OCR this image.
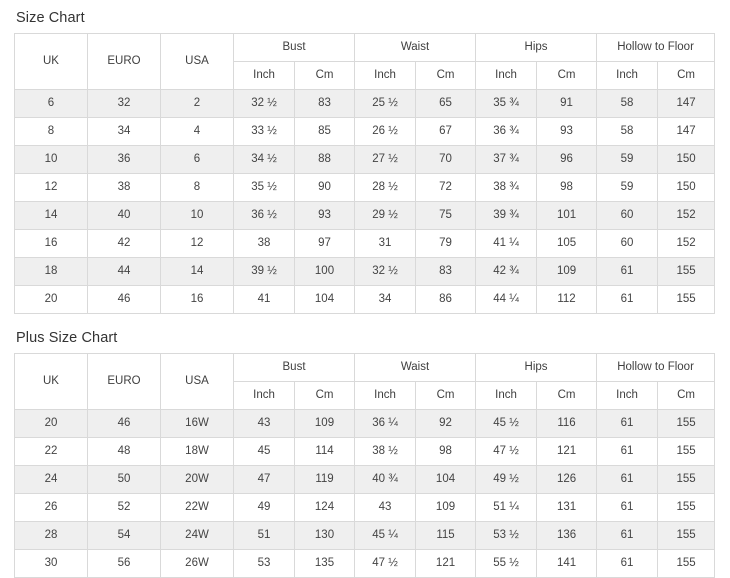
Size Chart
UK	EURO	USA	Bust		Waist		Hips		Hollow to Floor	
			Inch	Cm	Inch	Cm	Inch	Cm	Inch	Cm
6	32	2	32 ½	83	25 ½	65	35 ¾	91	58	147
8	34	4	33 ½	85	26 ½	67	36 ¾	93	58	147
10	36	6	34 ½	88	27 ½	70	37 ¾	96	59	150
12	38	8	35 ½	90	28 ½	72	38 ¾	98	59	150
14	40	10	36 ½	93	29 ½	75	39 ¾	101	60	152
16	42	12	38	97	31	79	41 ¼	105	60	152
18	44	14	39 ½	100	32 ½	83	42 ¾	109	61	155
20	46	16	41	104	34	86	44 ¼	112	61	155
Plus Size Chart
UK	EURO	USA	Bust		Waist		Hips		Hollow to Floor	
			Inch	Cm	Inch	Cm	Inch	Cm	Inch	Cm
20	46	16W	43	109	36 ¼	92	45 ½	116	61	155
22	48	18W	45	114	38 ½	98	47 ½	121	61	155
24	50	20W	47	119	40 ¾	104	49 ½	126	61	155
26	52	22W	49	124	43	109	51 ¼	131	61	155
28	54	24W	51	130	45 ¼	115	53 ½	136	61	155
30	56	26W	53	135	47 ½	121	55 ½	141	61	155
